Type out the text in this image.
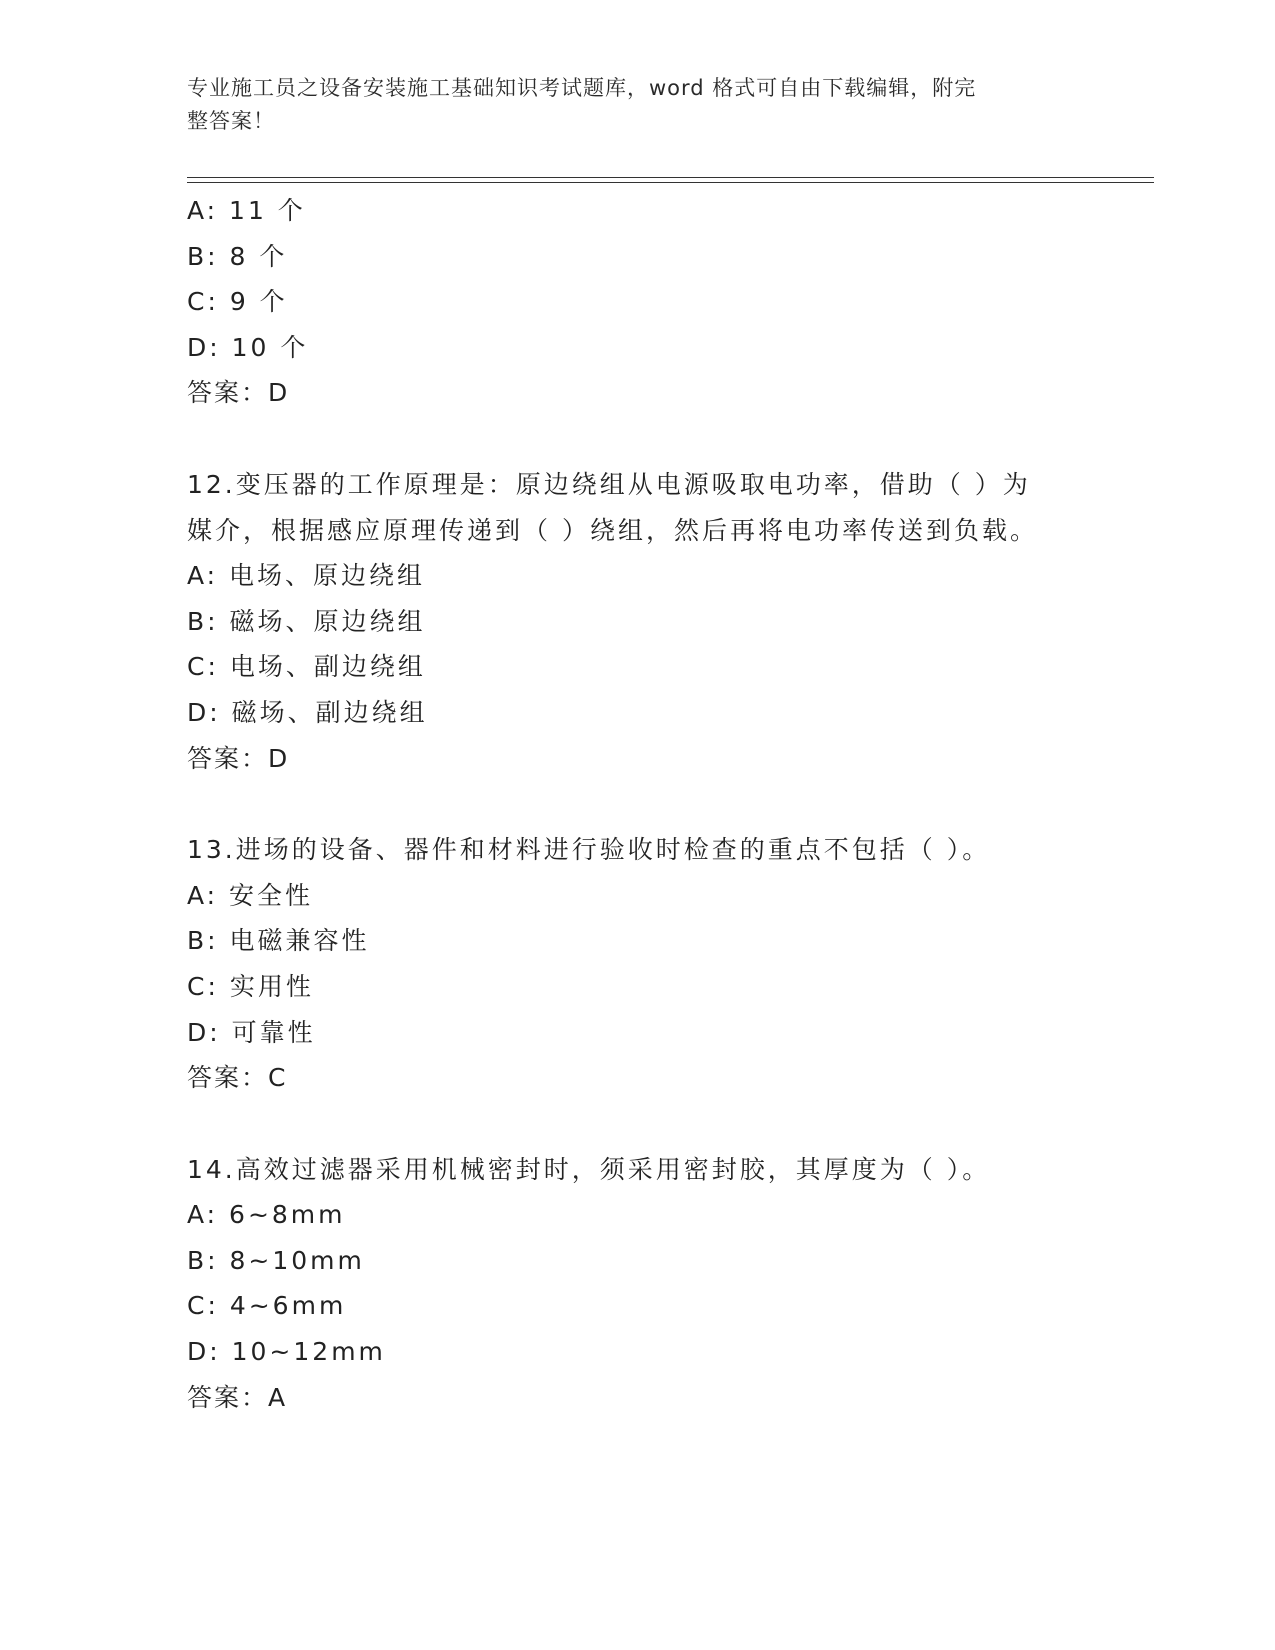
专业施工员之设备安装施工基础知识考试题库，word 格式可自由下载编辑，附完
整答案！
A: 11 个
B: 8 个
C: 9 个
D: 10 个
答案：D
12.变压器的工作原理是：原边绕组从电源吸取电功率，借助（ ）为
媒介，根据感应原理传递到（ ）绕组，然后再将电功率传送到负载。
A: 电场、原边绕组
B: 磁场、原边绕组
C: 电场、副边绕组
D: 磁场、副边绕组
答案：D
13.进场的设备、器件和材料进行验收时检查的重点不包括（ ）。
A: 安全性
B: 电磁兼容性
C: 实用性
D: 可靠性
答案：C
14.高效过滤器采用机械密封时，须采用密封胶，其厚度为（ ）。
A: 6~8mm
B: 8~10mm
C: 4~6mm
D: 10~12mm
答案：A
